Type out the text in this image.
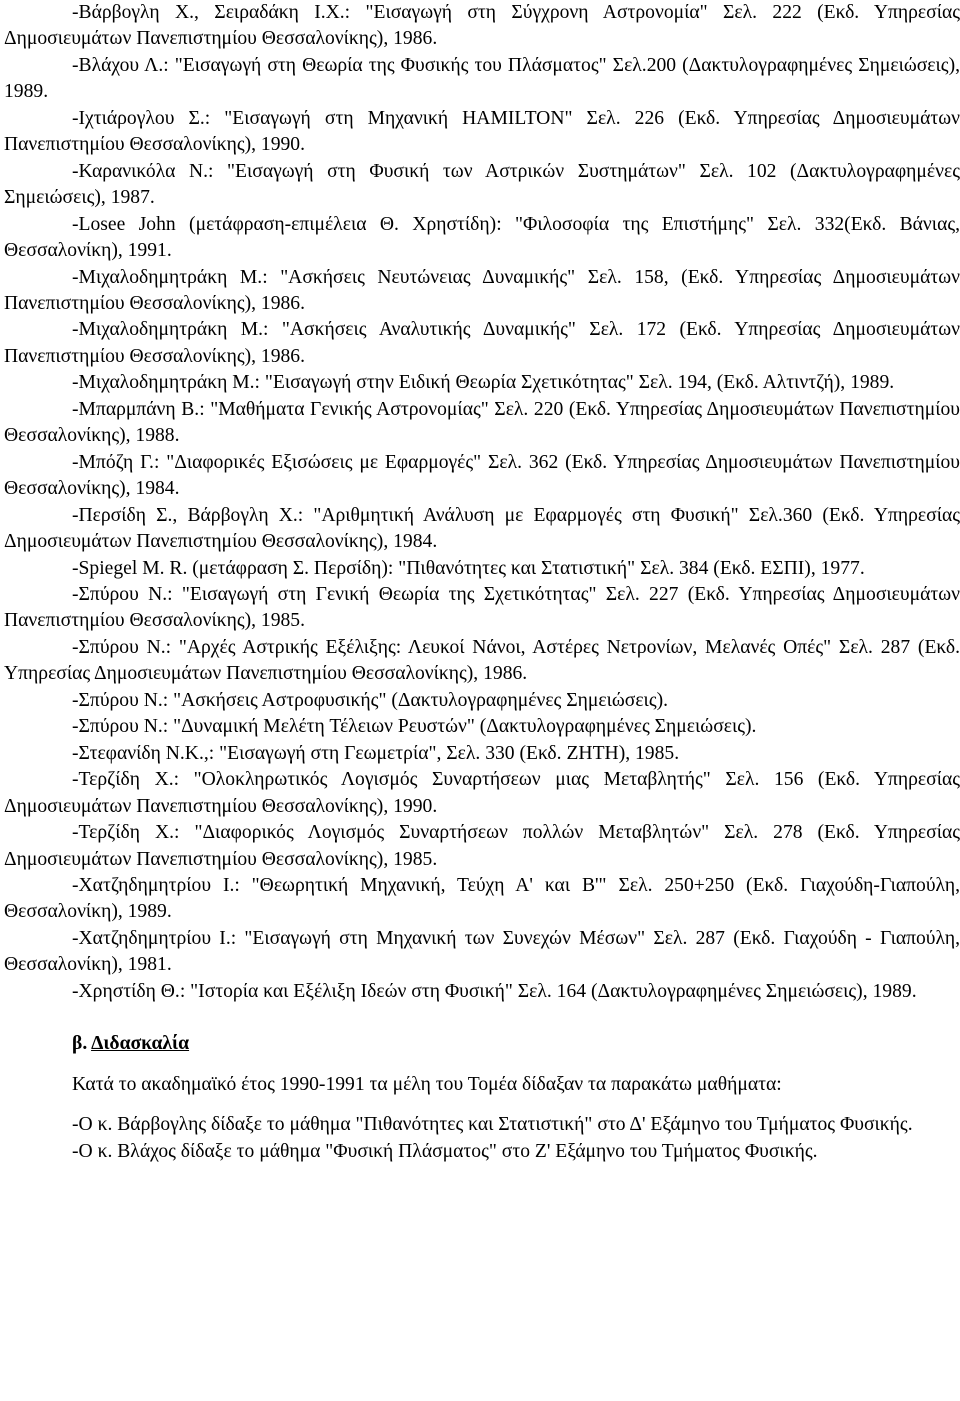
-Βάρβογλη Χ., Σειραδάκη Ι.Χ.: "Εισαγωγή στη Σύγχρονη Αστρονομία" Σελ. 222 (Εκδ. Υπηρεσίας Δημοσιευμάτων Πανεπιστημίου Θεσσαλονίκης), 1986.

-Βλάχου Λ.: "Εισαγωγή στη Θεωρία της Φυσικής του Πλάσματος" Σελ.200 (Δακτυλογραφημένες Σημειώσεις), 1989.

-Ιχτιάρογλου Σ.: "Εισαγωγή στη Μηχανική HAMILTON" Σελ. 226 (Εκδ. Υπηρεσίας Δημοσιευμάτων Πανεπιστημίου Θεσσαλονίκης), 1990.

-Καρανικόλα Ν.: "Εισαγωγή στη Φυσική των Αστρικών Συστημάτων" Σελ. 102 (Δακτυλογραφημένες Σημειώσεις), 1987.

-Losee John (μετάφραση-επιμέλεια Θ. Χρηστίδη): "Φιλοσοφία της Επιστήμης" Σελ. 332(Εκδ. Βάνιας, Θεσσαλονίκη), 1991.

-Μιχαλοδημητράκη Μ.: "Ασκήσεις Νευτώνειας Δυναμικής" Σελ. 158, (Εκδ. Υπηρεσίας Δημοσιευμάτων Πανεπιστημίου Θεσσαλονίκης), 1986.

-Μιχαλοδημητράκη Μ.: "Ασκήσεις Αναλυτικής Δυναμικής" Σελ. 172 (Εκδ. Υπηρεσίας Δημοσιευμάτων Πανεπιστημίου Θεσσαλονίκης), 1986.

-Μιχαλοδημητράκη Μ.: "Εισαγωγή στην Ειδική Θεωρία Σχετικότητας" Σελ. 194, (Εκδ. Αλτιντζή), 1989.

-Μπαρμπάνη Β.: "Μαθήματα Γενικής Αστρονομίας" Σελ. 220 (Εκδ. Υπηρεσίας Δημοσιευμάτων Πανεπιστημίου Θεσσαλονίκης), 1988.

-Μπόζη Γ.: "Διαφορικές Εξισώσεις με Εφαρμογές" Σελ. 362 (Εκδ. Υπηρεσίας Δημοσιευμάτων Πανεπιστημίου Θεσσαλονίκης), 1984.

-Περσίδη Σ., Βάρβογλη Χ.: "Αριθμητική Ανάλυση με Εφαρμογές στη Φυσική" Σελ.360 (Εκδ. Υπηρεσίας Δημοσιευμάτων Πανεπιστημίου Θεσσαλονίκης), 1984.

-Spiegel M. R. (μετάφραση Σ. Περσίδη): "Πιθανότητες και Στατιστική" Σελ. 384 (Εκδ. ΕΣΠΙ), 1977.

-Σπύρου Ν.: "Εισαγωγή στη Γενική Θεωρία της Σχετικότητας" Σελ. 227 (Εκδ. Υπηρεσίας Δημοσιευμάτων Πανεπιστημίου Θεσσαλονίκης), 1985.

-Σπύρου Ν.: "Αρχές Αστρικής Εξέλιξης: Λευκοί Νάνοι, Αστέρες Νετρονίων, Μελανές Οπές" Σελ. 287 (Εκδ. Υπηρεσίας Δημοσιευμάτων Πανεπιστημίου Θεσσαλονίκης), 1986.

-Σπύρου Ν.: "Ασκήσεις Αστροφυσικής" (Δακτυλογραφημένες Σημειώσεις).

-Σπύρου Ν.: "Δυναμική Μελέτη Τέλειων Ρευστών" (Δακτυλογραφημένες Σημειώσεις).

-Στεφανίδη Ν.Κ.,: "Εισαγωγή στη Γεωμετρία", Σελ. 330 (Εκδ. ΖΗΤΗ), 1985.

-Τερζίδη Χ.: "Ολοκληρωτικός Λογισμός Συναρτήσεων μιας Μεταβλητής" Σελ. 156 (Εκδ. Υπηρεσίας Δημοσιευμάτων Πανεπιστημίου Θεσσαλονίκης), 1990.

-Τερζίδη Χ.: "Διαφορικός Λογισμός Συναρτήσεων πολλών Μεταβλητών" Σελ. 278 (Εκδ. Υπηρεσίας Δημοσιευμάτων Πανεπιστημίου Θεσσαλονίκης), 1985.

-Χατζηδημητρίου Ι.: "Θεωρητική Μηχανική, Τεύχη Α' και Β'" Σελ. 250+250 (Εκδ. Γιαχούδη-Γιαπούλη, Θεσσαλονίκη), 1989.

-Χατζηδημητρίου Ι.: "Εισαγωγή στη Μηχανική των Συνεχών Μέσων" Σελ. 287 (Εκδ. Γιαχούδη - Γιαπούλη, Θεσσαλονίκη), 1981.

-Χρηστίδη Θ.: "Ιστορία και Εξέλιξη Ιδεών στη Φυσική" Σελ. 164 (Δακτυλογραφημένες Σημειώσεις), 1989.

β. Διδασκαλία

Κατά το ακαδημαϊκό έτος 1990-1991 τα μέλη του Τομέα δίδαξαν τα παρακάτω μαθήματα:

-Ο κ. Βάρβογλης δίδαξε το μάθημα "Πιθανότητες και Στατιστική" στο Δ' Εξάμηνο του Τμήματος Φυσικής.

-Ο κ. Βλάχος δίδαξε το μάθημα "Φυσική Πλάσματος" στο Ζ' Εξάμηνο του Τμήματος Φυσικής.
